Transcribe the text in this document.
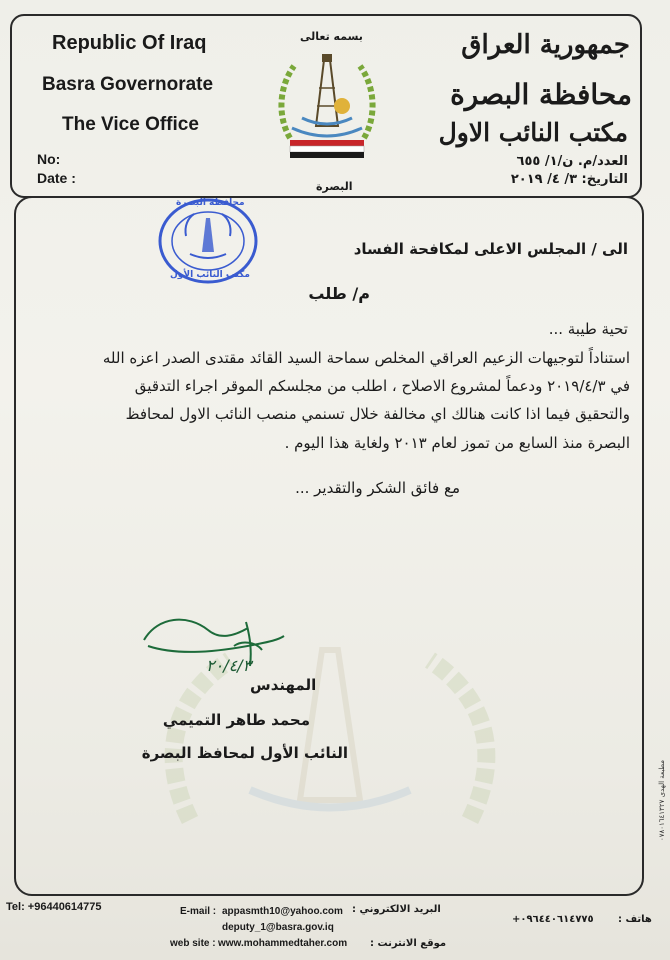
Republic Of Iraq
Basra Governorate
The Vice Office
No:
Date :
جمهورية العراق
محافظة البصرة
مكتب النائب الاول
العدد/م. ن/١/ ٦٥٥
التاريخ: ٣/ ٤/ ٢٠١٩
بسمه تعالى
البصرة
محافظة البصرة
مكتب النائب الأول
الى / المجلس الاعلى لمكافحة الفساد
م/ طلب
تحية طيبة ...
استناداً لتوجيهات الزعيم العراقي المخلص سماحة السيد القائد مقتدى الصدر اعزه الله
في ٢٠١٩/٤/٣ ودعماً لمشروع الاصلاح ، اطلب من مجلسكم الموقر اجراء التدقيق
والتحقيق فيما اذا كانت هنالك اي مخالفة خلال تسنمي منصب النائب الاول لمحافظ
البصرة منذ السابع من تموز لعام ٢٠١٣ ولغاية هذا اليوم .
مع فائق الشكر والتقدير ...
٢٠/٤/٣
المهندس
محمد طاهر التميمي
النائب الأول لمحافظ البصرة
مطبعة الهدى ٠٧٨٠١٦٤١٣٢٧
Tel: +96440614775	E-mail : appasmth10@yahoo.com
deputy_1@basra.gov.iq
البريد الالكتروني :
web site : www.mohammedtaher.com موقع الانترنت :
٠٩٦٤٤٠٦١٤٧٧٥+ هاتف :
